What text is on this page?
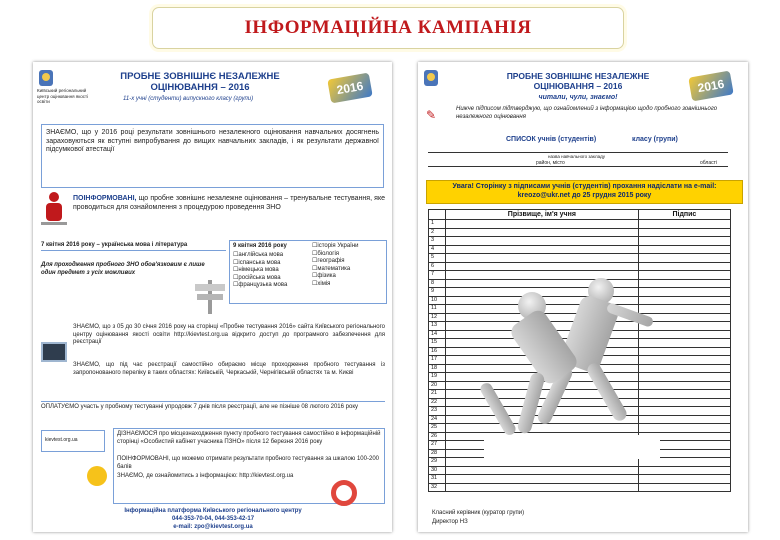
ІНФОРМАЦІЙНА КАМПАНІЯ
Київський регіональний центр оцінювання якості освіти
ПРОБНЕ ЗОВНІШНЄ НЕЗАЛЕЖНЕ
ОЦІНЮВАННЯ – 2016
11-х учні (студенти) випускного класу (групи)
2016
ЗНАЄМО, що у 2016 році результати зовнішнього незалежного оцінювання навчальних досягнень зараховуються як вступні випробування до вищих навчальних закладів, і як результати державної підсумкової атестації
ПОІНФОРМОВАНІ, що пробне зовнішнє незалежне оцінювання – тренувальне тестування, яке проводиться для ознайомлення з процедурою проведення ЗНО
7 квітня 2016 року – українська мова і література	9 квітня 2016 року
☐ англійська мова
☐ іспанська мова
☐ німецька мова
☐ російська мова
☐ французька мова
☐ історія України
☐ біологія
☐ географія
☐ математика
☐ фізика
☐ хімія
Для проходження пробного ЗНО обов'язковим є лише один предмет з усіх можливих
ЗНАЄМО, що з 05 до 30 січня 2016 року на сторінці «Пробне тестування 2016» сайта Київського регіонального центру оцінювання якості освіти http://kievtest.org.ua відкрито доступ до програмного забезпечення для реєстрації
ЗНАЄМО, що під час реєстрації самостійно обираємо місце проходження пробного тестування із запропонованого переліку в таких областях: Київській, Черкаській, Чернігівській областях та м. Києві
ОПЛАТУЄМО участь у пробному тестуванні упродовж 7 днів після реєстрації, але не пізніше 08 лютого 2016 року
kievtest.org.ua
ДІЗНАЄМОСЯ про місцезнаходження пункту пробного тестування самостійно в інформаційній сторінці «Особистий кабінет учасника ПЗНО» після 12 березня 2016 року
ПОІНФОРМОВАНІ, що можемо отримати результати пробного тестування за шкалою 100-200 балів
ЗНАЄМО, де ознайомитись з інформацією: http://kievtest.org.ua
Інформаційна платформа Київського регіонального центру
044-353-70-04, 044-353-42-17
e-mail: zpo@kievtest.org.ua
ПРОБНЕ ЗОВНІШНЄ НЕЗАЛЕЖНЕ
ОЦІНЮВАННЯ – 2016
читали, чули, знаємо!
2016
✎	Нижче підписом підтверджую, що ознайомлений з інформацією щодо пробного зовнішнього незалежного оцінювання
СПИСОК учнів (студентів)	класу (групи)
назва навчального закладу
район, місто	області
Увага! Сторінку з підписами учнів (студентів) прохання надіслати на e-mail: kreozo@ukr.net до 25 грудня 2015 року
	Прізвище, ім'я учня	Підпис
1		
2		
3		
4		
5		
6		
7		
8		
9		
10		
11		
12		
13		
14		
15		
16		
17		
18		
19		
20		
21		
22		
23		
24		
25		
26		
27		
28		
29		
30		
31		
32		
Класний керівник (куратор групи)
Директор НЗ
